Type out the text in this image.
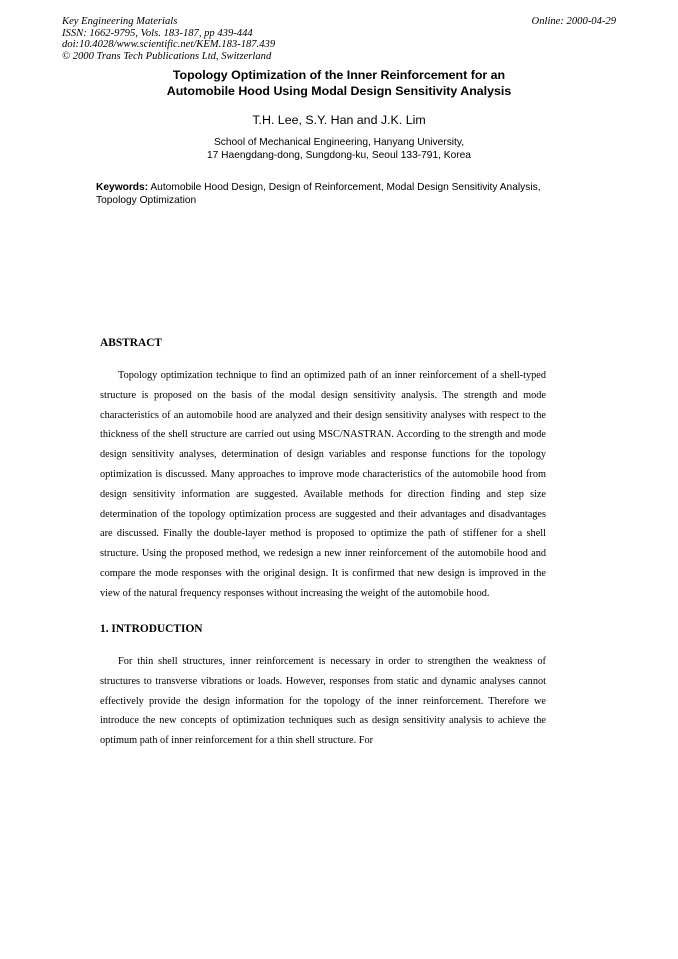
Key Engineering Materials
ISSN: 1662-9795, Vols. 183-187, pp 439-444
doi:10.4028/www.scientific.net/KEM.183-187.439
© 2000 Trans Tech Publications Ltd, Switzerland
Online: 2000-04-29
Topology Optimization of the Inner Reinforcement for an
Automobile Hood Using Modal Design Sensitivity Analysis
T.H. Lee, S.Y. Han and J.K. Lim
School of Mechanical Engineering, Hanyang University,
17 Haengdang-dong, Sungdong-ku, Seoul 133-791, Korea
Keywords: Automobile Hood Design, Design of Reinforcement, Modal Design Sensitivity Analysis, Topology Optimization
ABSTRACT

Topology optimization technique to find an optimized path of an inner reinforcement of a shell-typed structure is proposed on the basis of the modal design sensitivity analysis. The strength and mode characteristics of an automobile hood are analyzed and their design sensitivity analyses with respect to the thickness of the shell structure are carried out using MSC/NASTRAN. According to the strength and mode design sensitivity analyses, determination of design variables and response functions for the topology optimization is discussed. Many approaches to improve mode characteristics of the automobile hood from design sensitivity information are suggested. Available methods for direction finding and step size determination of the topology optimization process are suggested and their advantages and disadvantages are discussed. Finally the double-layer method is proposed to optimize the path of stiffener for a shell structure. Using the proposed method, we redesign a new inner reinforcement of the automobile hood and compare the mode responses with the original design. It is confirmed that new design is improved in the view of the natural frequency responses without increasing the weight of the automobile hood.

1. INTRODUCTION

For thin shell structures, inner reinforcement is necessary in order to strengthen the weakness of structures to transverse vibrations or loads. However, responses from static and dynamic analyses cannot effectively provide the design information for the topology of the inner reinforcement. Therefore we introduce the new concepts of optimization techniques such as design sensitivity analysis to achieve the optimum path of inner reinforcement for a thin shell structure. For
